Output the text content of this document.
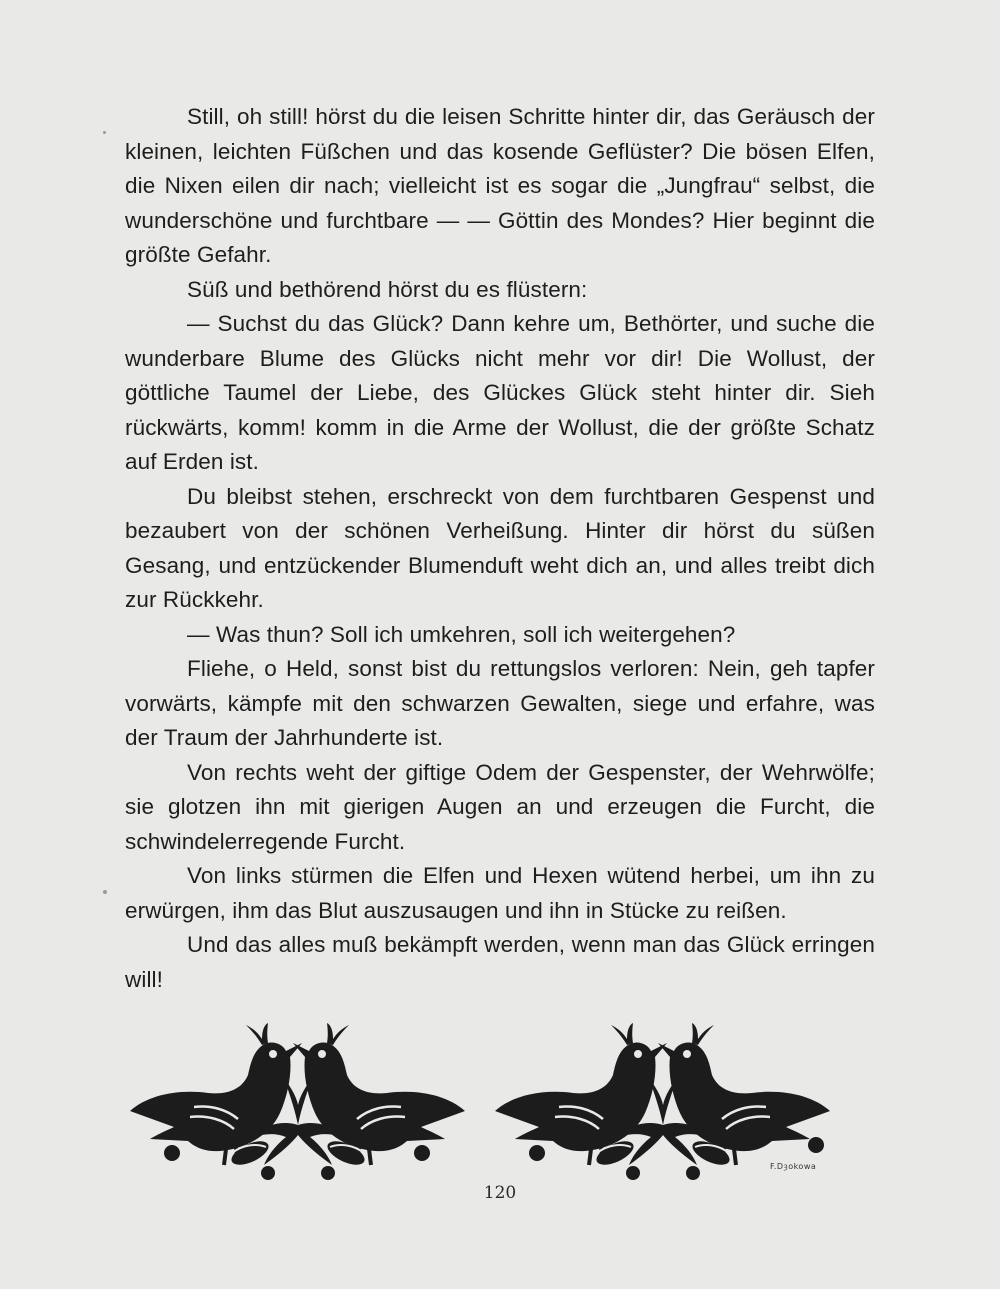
Still, oh still! hörst du die leisen Schritte hinter dir, das Geräusch der kleinen, leichten Füßchen und das kosende Geflüster? Die bösen Elfen, die Nixen eilen dir nach; vielleicht ist es sogar die „Jungfrau“ selbst, die wunderschöne und furchtbare — — Göttin des Mondes? Hier beginnt die größte Gefahr.

Süß und bethörend hörst du es flüstern:

— Suchst du das Glück? Dann kehre um, Bethörter, und suche die wunderbare Blume des Glücks nicht mehr vor dir! Die Wollust, der göttliche Taumel der Liebe, des Glückes Glück steht hinter dir. Sieh rückwärts, komm! komm in die Arme der Wollust, die der größte Schatz auf Erden ist.

Du bleibst stehen, erschreckt von dem furchtbaren Gespenst und bezaubert von der schönen Verheißung. Hinter dir hörst du süßen Gesang, und entzückender Blumenduft weht dich an, und alles treibt dich zur Rückkehr.

— Was thun? Soll ich umkehren, soll ich weitergehen?

Fliehe, o Held, sonst bist du rettungslos verloren: Nein, geh tapfer vorwärts, kämpfe mit den schwarzen Gewalten, siege und erfahre, was der Traum der Jahrhunderte ist.

Von rechts weht der giftige Odem der Gespenster, der Wehrwölfe; sie glotzen ihn mit gierigen Augen an und erzeugen die Furcht, die schwindelerregende Furcht.

Von links stürmen die Elfen und Hexen wütend herbei, um ihn zu erwürgen, ihm das Blut auszusaugen und ihn in Stücke zu reißen.

Und das alles muß bekämpft werden, wenn man das Glück erringen will!

F.Dȝokowa
120
